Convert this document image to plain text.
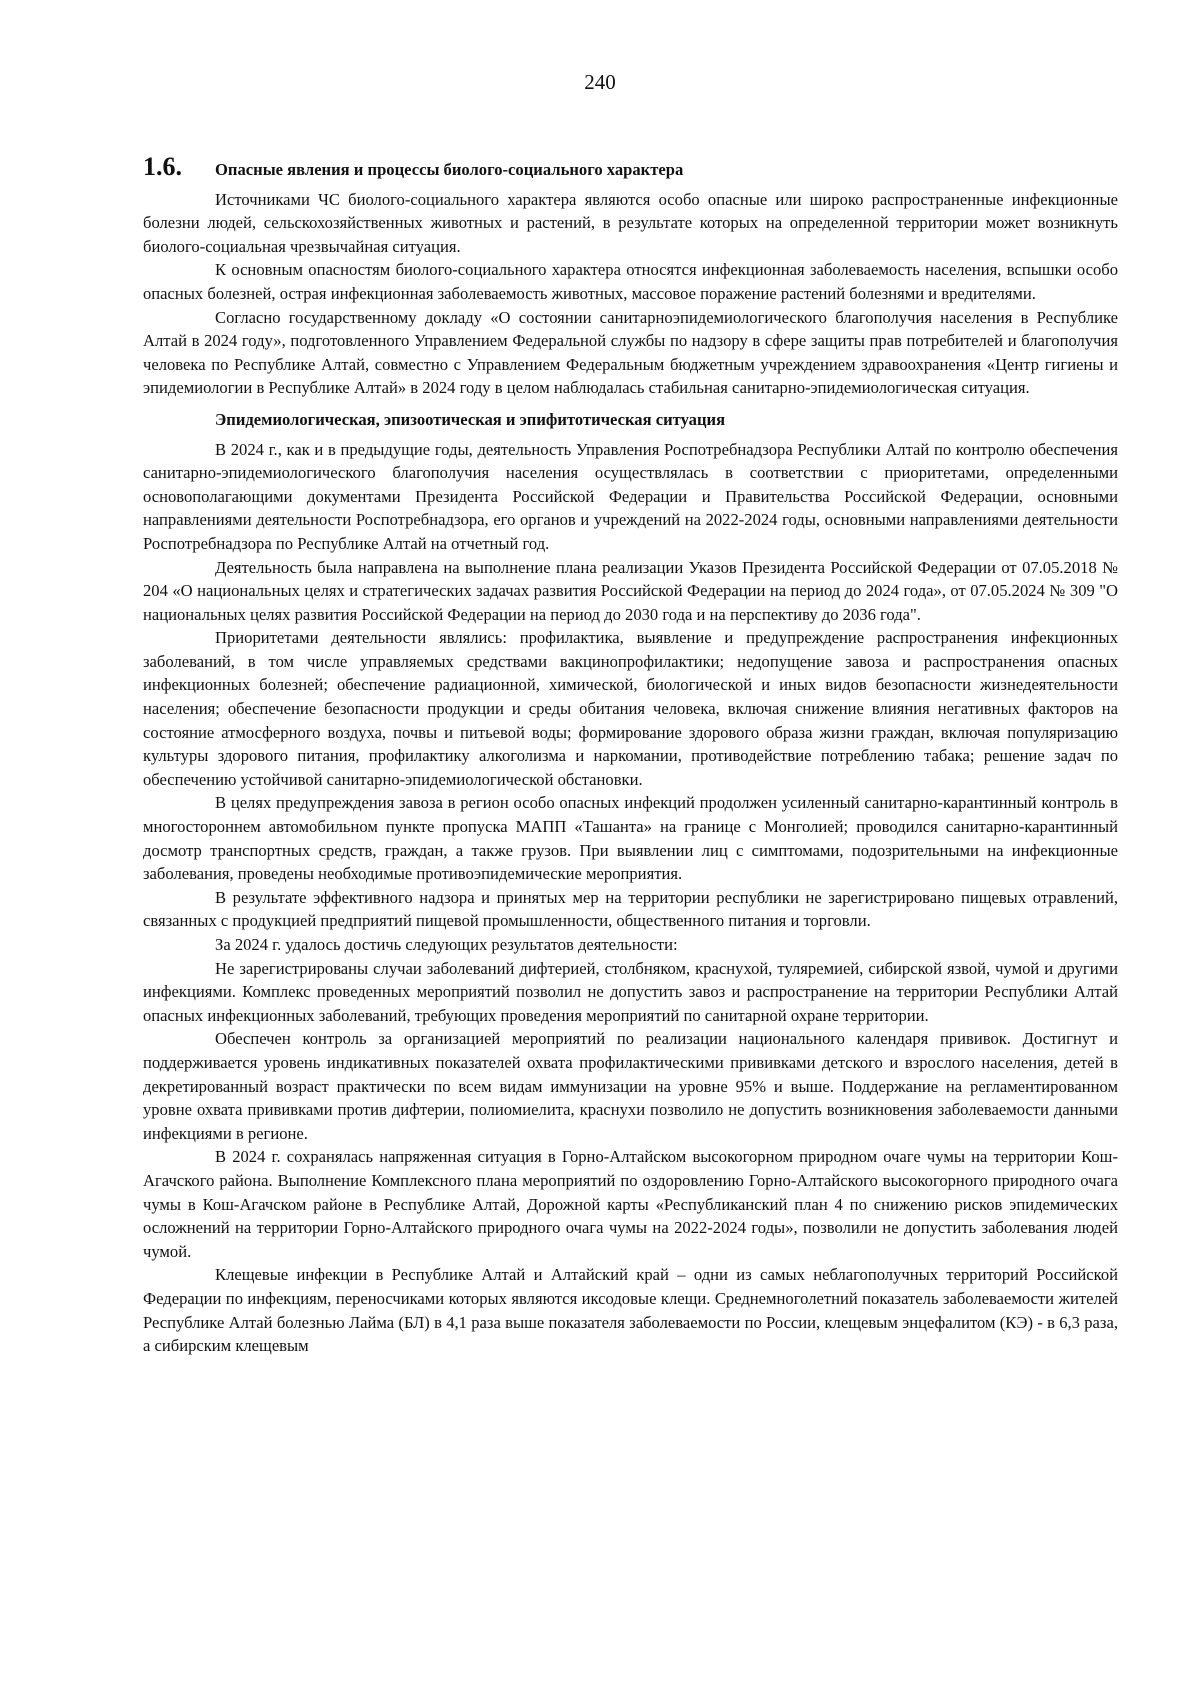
240
1.6.	Опасные явления и процессы биолого-социального характера

Источниками ЧС биолого-социального характера являются особо опасные или широко распространенные инфекционные болезни людей, сельскохозяйственных животных и растений, в результате которых на определенной территории может возникнуть биолого-социальная чрезвычайная ситуация.

К основным опасностям биолого-социального характера относятся инфекционная заболеваемость населения, вспышки особо опасных болезней, острая инфекционная заболеваемость животных, массовое поражение растений болезнями и вредителями.

Согласно государственному докладу «О состоянии санитарноэпидемиологического благополучия населения в Республике Алтай в 2024 году», подготовленного Управлением Федеральной службы по надзору в сфере защиты прав потребителей и благополучия человека по Республике Алтай, совместно с Управлением Федеральным бюджетным учреждением здравоохранения «Центр гигиены и эпидемиологии в Республике Алтай» в 2024 году в целом наблюдалась стабильная санитарно-эпидемиологическая ситуация.

Эпидемиологическая, эпизоотическая и эпифитотическая ситуация

В 2024 г., как и в предыдущие годы, деятельность Управления Роспотребнадзора Республики Алтай по контролю обеспечения санитарно-эпидемиологического благополучия населения осуществлялась в соответствии с приоритетами, определенными основополагающими документами Президента Российской Федерации и Правительства Российской Федерации, основными направлениями деятельности Роспотребнадзора, его органов и учреждений на 2022-2024 годы, основными направлениями деятельности Роспотребнадзора по Республике Алтай на отчетный год.

Деятельность была направлена на выполнение плана реализации Указов Президента Российской Федерации от 07.05.2018 № 204 «О национальных целях и стратегических задачах развития Российской Федерации на период до 2024 года», от 07.05.2024 № 309 "О национальных целях развития Российской Федерации на период до 2030 года и на перспективу до 2036 года".

Приоритетами деятельности являлись: профилактика, выявление и предупреждение распространения инфекционных заболеваний, в том числе управляемых средствами вакцинопрофилактики; недопущение завоза и распространения опасных инфекционных болезней; обеспечение радиационной, химической, биологической и иных видов безопасности жизнедеятельности населения; обеспечение безопасности продукции и среды обитания человека, включая снижение влияния негативных факторов на состояние атмосферного воздуха, почвы и питьевой воды; формирование здорового образа жизни граждан, включая популяризацию культуры здорового питания, профилактику алкоголизма и наркомании, противодействие потреблению табака; решение задач по обеспечению устойчивой санитарно-эпидемиологической обстановки.

В целях предупреждения завоза в регион особо опасных инфекций продолжен усиленный санитарно-карантинный контроль в многостороннем автомобильном пункте пропуска МАПП «Ташанта» на границе с Монголией; проводился санитарно-карантинный досмотр транспортных средств, граждан, а также грузов. При выявлении лиц с симптомами, подозрительными на инфекционные заболевания, проведены необходимые противоэпидемические мероприятия.

В результате эффективного надзора и принятых мер на территории республики не зарегистрировано пищевых отравлений, связанных с продукцией предприятий пищевой промышленности, общественного питания и торговли.

За 2024 г. удалось достичь следующих результатов деятельности:

Не зарегистрированы случаи заболеваний дифтерией, столбняком, краснухой, туляремией, сибирской язвой, чумой и другими инфекциями. Комплекс проведенных мероприятий позволил не допустить завоз и распространение на территории Республики Алтай опасных инфекционных заболеваний, требующих проведения мероприятий по санитарной охране территории.

Обеспечен контроль за организацией мероприятий по реализации национального календаря прививок. Достигнут и поддерживается уровень индикативных показателей охвата профилактическими прививками детского и взрослого населения, детей в декретированный возраст практически по всем видам иммунизации на уровне 95% и выше. Поддержание на регламентированном уровне охвата прививками против дифтерии, полиомиелита, краснухи позволило не допустить возникновения заболеваемости данными инфекциями в регионе.

В 2024 г. сохранялась напряженная ситуация в Горно-Алтайском высокогорном природном очаге чумы на территории Кош-Агачского района. Выполнение Комплексного плана мероприятий по оздоровлению Горно-Алтайского высокогорного природного очага чумы в Кош-Агачском районе в Республике Алтай, Дорожной карты «Республиканский план 4 по снижению рисков эпидемических осложнений на территории Горно-Алтайского природного очага чумы на 2022-2024 годы», позволили не допустить заболевания людей чумой.

Клещевые инфекции в Республике Алтай и Алтайский край – одни из самых неблагополучных территорий Российской Федерации по инфекциям, переносчиками которых являются иксодовые клещи. Среднемноголетний показатель заболеваемости жителей Республике Алтай болезнью Лайма (БЛ) в 4,1 раза выше показателя заболеваемости по России, клещевым энцефалитом (КЭ) - в 6,3 раза, а сибирским клещевым
